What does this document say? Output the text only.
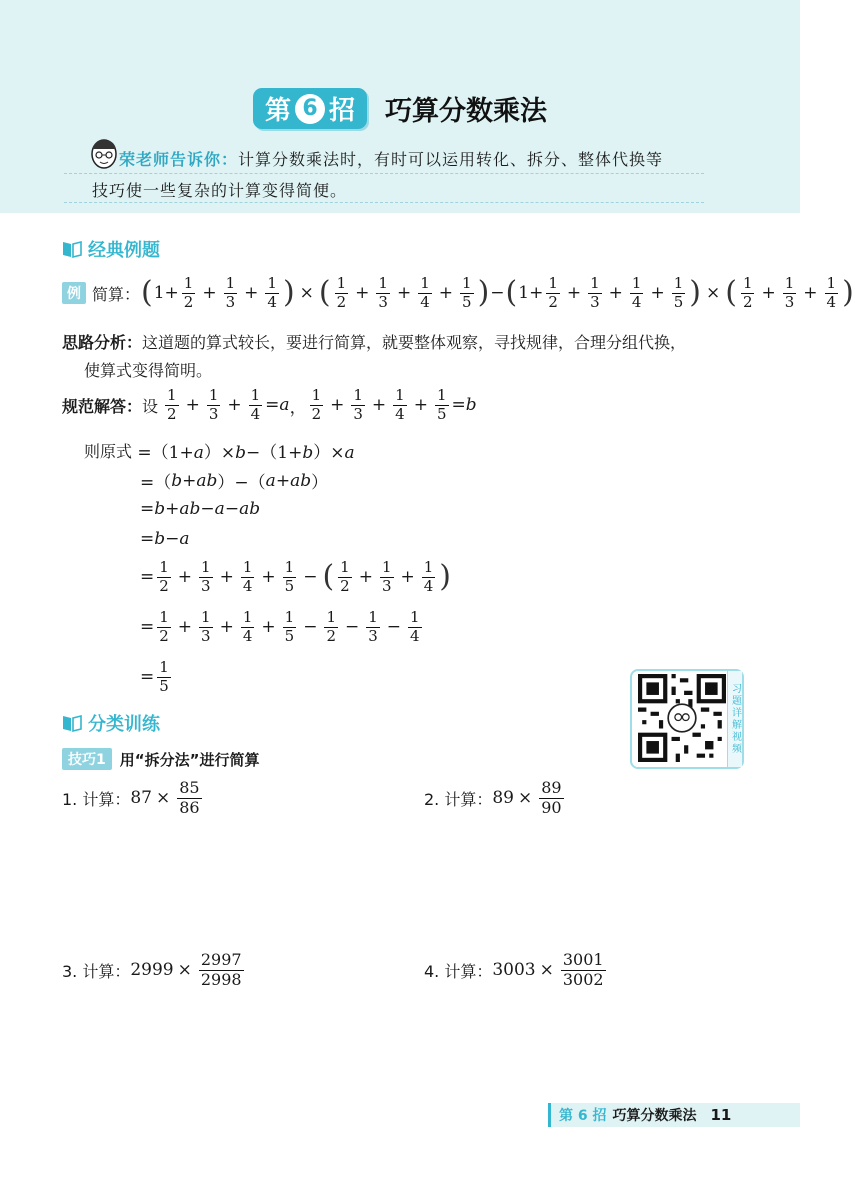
第 6 招 巧算分数乘法
荣老师告诉你：计算分数乘法时，有时可以运用转化、拆分、整体代换等
技巧使一些复杂的计算变得简便。
经典例题
例 简算： ( $1+ \frac{1}{2} + \frac{1}{3} + \frac{1}{4}$ ) × ( $\frac{1}{2} + \frac{1}{3} + \frac{1}{4} + \frac{1}{5}$ ) − ( $1+ \frac{1}{2} + \frac{1}{3} + \frac{1}{4} + \frac{1}{5}$ ) × ( $\frac{1}{2} + \frac{1}{3} + \frac{1}{4}$ )
思路分析：这道题的算式较长，要进行简算，就要整体观察，寻找规律，合理分组代换，
使算式变得简明。
规范解答： 设 $\frac{1}{2} + \frac{1}{3} + \frac{1}{4} = a$ ， $\frac{1}{2} + \frac{1}{3} + \frac{1}{4} + \frac{1}{5} = b$
则原式 =（1+a）×b−（1+b）×a
=（ b + ab ）−（ a + ab ）
= b + ab − a − ab
= b − a
= $\frac{1}{2} + \frac{1}{3} + \frac{1}{4} + \frac{1}{5}$ − ( $\frac{1}{2} + \frac{1}{3} + \frac{1}{4}$ )
= $\frac{1}{2} + \frac{1}{3} + \frac{1}{4} + \frac{1}{5} - \frac{1}{2} - \frac{1}{3} - \frac{1}{4}$
= $\frac{1}{5}$
习题详解视频
分类训练
技巧1 用“拆分法”进行简算
1. 计算： $87 \times \frac{85}{86}$	2. 计算： $89 \times \frac{89}{90}$
3. 计算： $2999 \times \frac{2997}{2998}$	4. 计算： $3003 \times \frac{3001}{3002}$
第 6 招 巧算分数乘法 11
